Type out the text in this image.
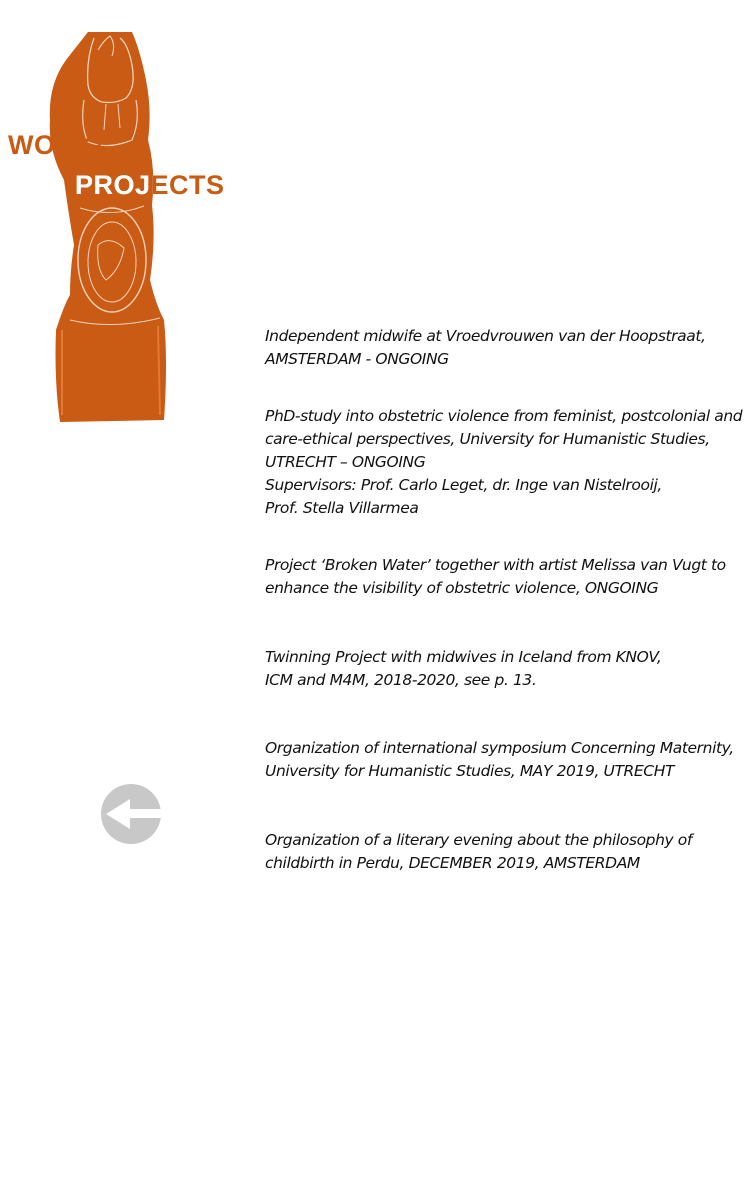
WORK/
PROJECTS
Independent midwife at Vroedvrouwen van der Hoopstraat,
AMSTERDAM - ONGOING
PhD-study into obstetric violence from feminist, postcolonial and
care-ethical perspectives, University for Humanistic Studies,
UTRECHT – ONGOING
Supervisors: Prof. Carlo Leget, dr. Inge van Nistelrooij,
Prof. Stella Villarmea
Project ‘Broken Water’ together with artist Melissa van Vugt to
enhance the visibility of obstetric violence, ONGOING
Twinning Project with midwives in Iceland from KNOV,
ICM and M4M, 2018-2020, see p. 13.
Organization of international symposium Concerning Maternity,
University for Humanistic Studies, MAY 2019, UTRECHT
Organization of a literary evening about the philosophy of
childbirth in Perdu, DECEMBER 2019, AMSTERDAM
